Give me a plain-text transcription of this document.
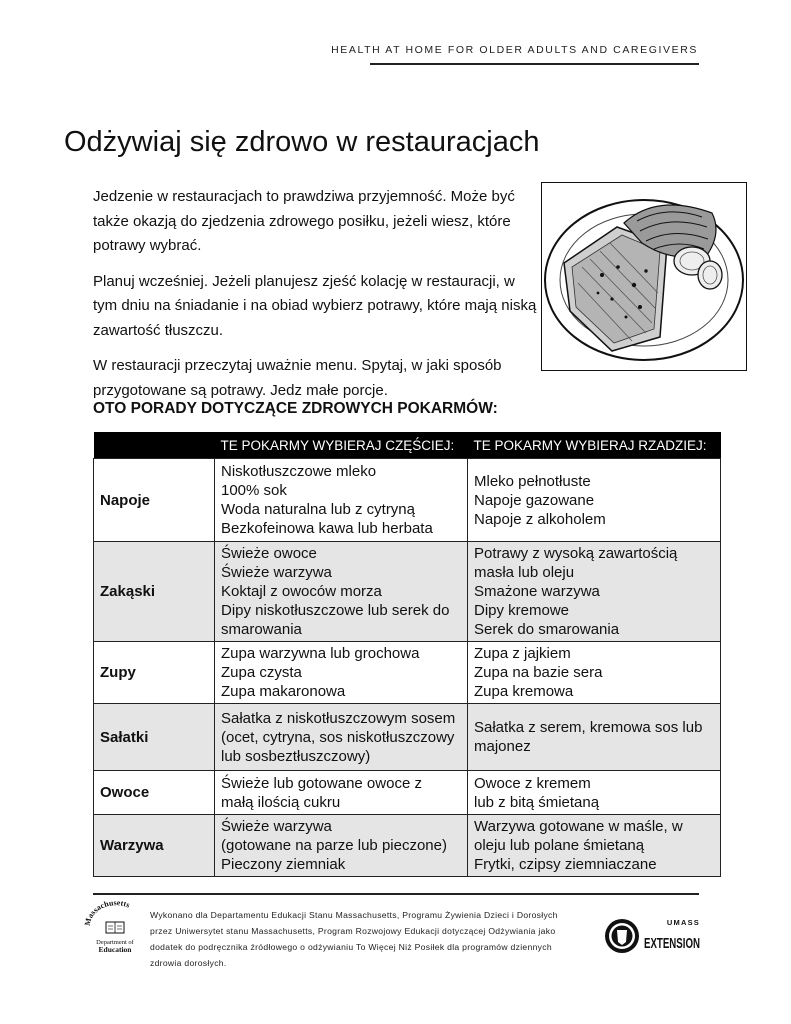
HEALTH AT HOME FOR OLDER ADULTS AND CAREGIVERS
Odżywiaj się zdrowo w restauracjach

Jedzenie w restauracjach to prawdziwa przyjemność. Może być także okazją do zjedzenia zdrowego posiłku, jeżeli wiesz, które potrawy wybrać.

Planuj wcześniej. Jeżeli planujesz zjeść kolację w restauracji, w tym dniu na śniadanie i na obiad wybierz potrawy, które mają niską zawartość tłuszczu.

W restauracji przeczytaj uważnie menu. Spytaj, w jaki sposób przygotowane są potrawy. Jedz małe porcje.

OTO PORADY DOTYCZĄCE ZDROWYCH POKARMÓW:
	TE POKARMY WYBIERAJ CZĘŚCIEJ:	TE POKARMY WYBIERAJ RZADZIEJ:
Napoje	Niskotłuszczowe mleko
100% sok
Woda naturalna lub z cytryną
Bezkofeinowa kawa lub herbata	Mleko pełnotłuste
Napoje gazowane
Napoje z alkoholem

Zakąski	Świeże owoce
Świeże warzywa
Koktajl z owoców morza
Dipy niskotłuszczowe lub serek do
smarowania	Potrawy z wysoką zawartością
masła lub oleju
Smażone warzywa
Dipy kremowe
Serek do smarowania

Zupy	Zupa warzywna lub grochowa
Zupa czysta
Zupa makaronowa	Zupa z jajkiem
Zupa na bazie sera
Zupa kremowa

Sałatki	Sałatka z niskotłuszczowym sosem
(ocet, cytryna, sos niskotłuszczowy
lub sosbeztłuszczowy)	Sałatka z serem, kremowa sos lub
majonez

Owoce	Świeże lub gotowane owoce z
małą ilością cukru	Owoce z kremem
lub z bitą śmietaną

Warzywa	Świeże warzywa
(gotowane na parze lub pieczone)
Pieczony ziemniak	Warzywa gotowane w maśle, w
oleju lub polane śmietaną
Frytki, czipsy ziemniaczane
assachusetts
Department of
Education
Wykonano dla Departamentu Edukacji Stanu Massachusetts, Programu Żywienia Dzieci i Dorosłych
przez Uniwersytet stanu Massachusetts, Program Rozwojowy Edukacji dotyczącej Odżywiania jako
dodatek do podręcznika źródłowego o odżywianiu To Więcej Niż Posiłek dla programów dziennych
zdrowia dorosłych.
UMASS
EXTENSION
